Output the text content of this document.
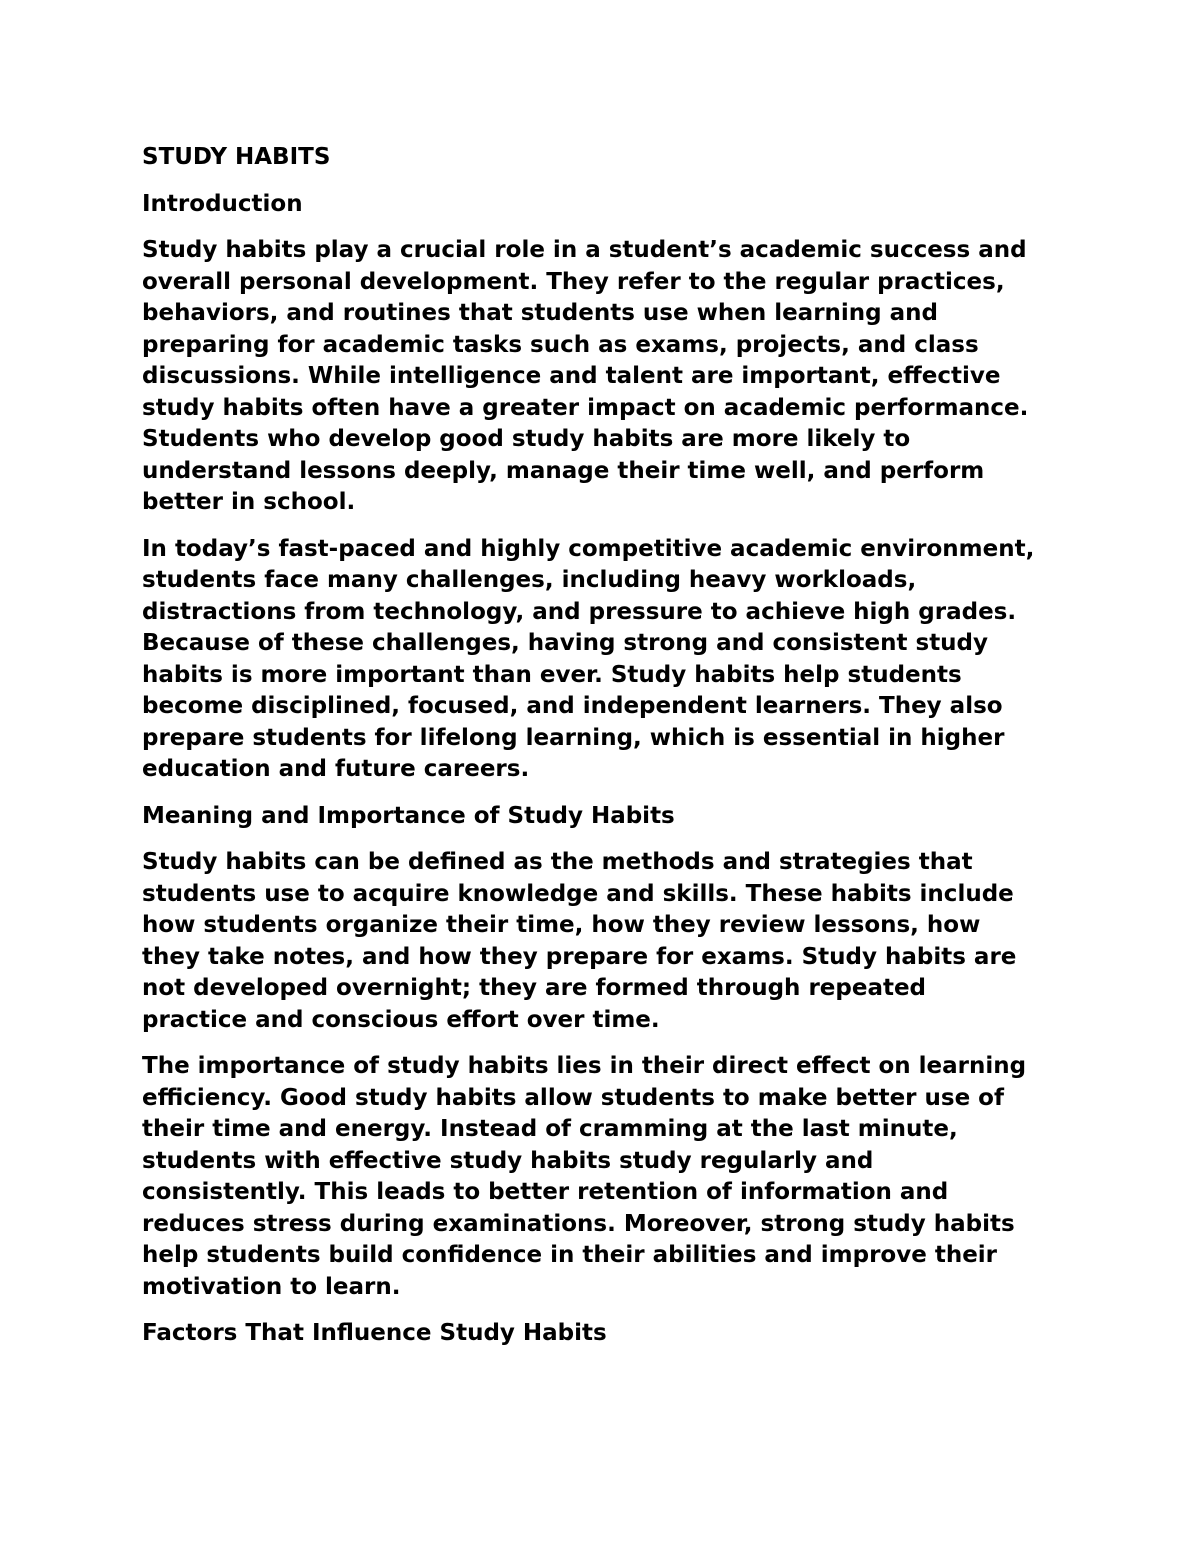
STUDY HABITS
Introduction
Study habits play a crucial role in a student’s academic success and
overall personal development. They refer to the regular practices,
behaviors, and routines that students use when learning and
preparing for academic tasks such as exams, projects, and class
discussions. While intelligence and talent are important, effective
study habits often have a greater impact on academic performance.
Students who develop good study habits are more likely to
understand lessons deeply, manage their time well, and perform
better in school.
In today’s fast-paced and highly competitive academic environment,
students face many challenges, including heavy workloads,
distractions from technology, and pressure to achieve high grades.
Because of these challenges, having strong and consistent study
habits is more important than ever. Study habits help students
become disciplined, focused, and independent learners. They also
prepare students for lifelong learning, which is essential in higher
education and future careers.
Meaning and Importance of Study Habits
Study habits can be defined as the methods and strategies that
students use to acquire knowledge and skills. These habits include
how students organize their time, how they review lessons, how
they take notes, and how they prepare for exams. Study habits are
not developed overnight; they are formed through repeated
practice and conscious effort over time.
The importance of study habits lies in their direct effect on learning
efficiency. Good study habits allow students to make better use of
their time and energy. Instead of cramming at the last minute,
students with effective study habits study regularly and
consistently. This leads to better retention of information and
reduces stress during examinations. Moreover, strong study habits
help students build confidence in their abilities and improve their
motivation to learn.
Factors That Influence Study Habits
